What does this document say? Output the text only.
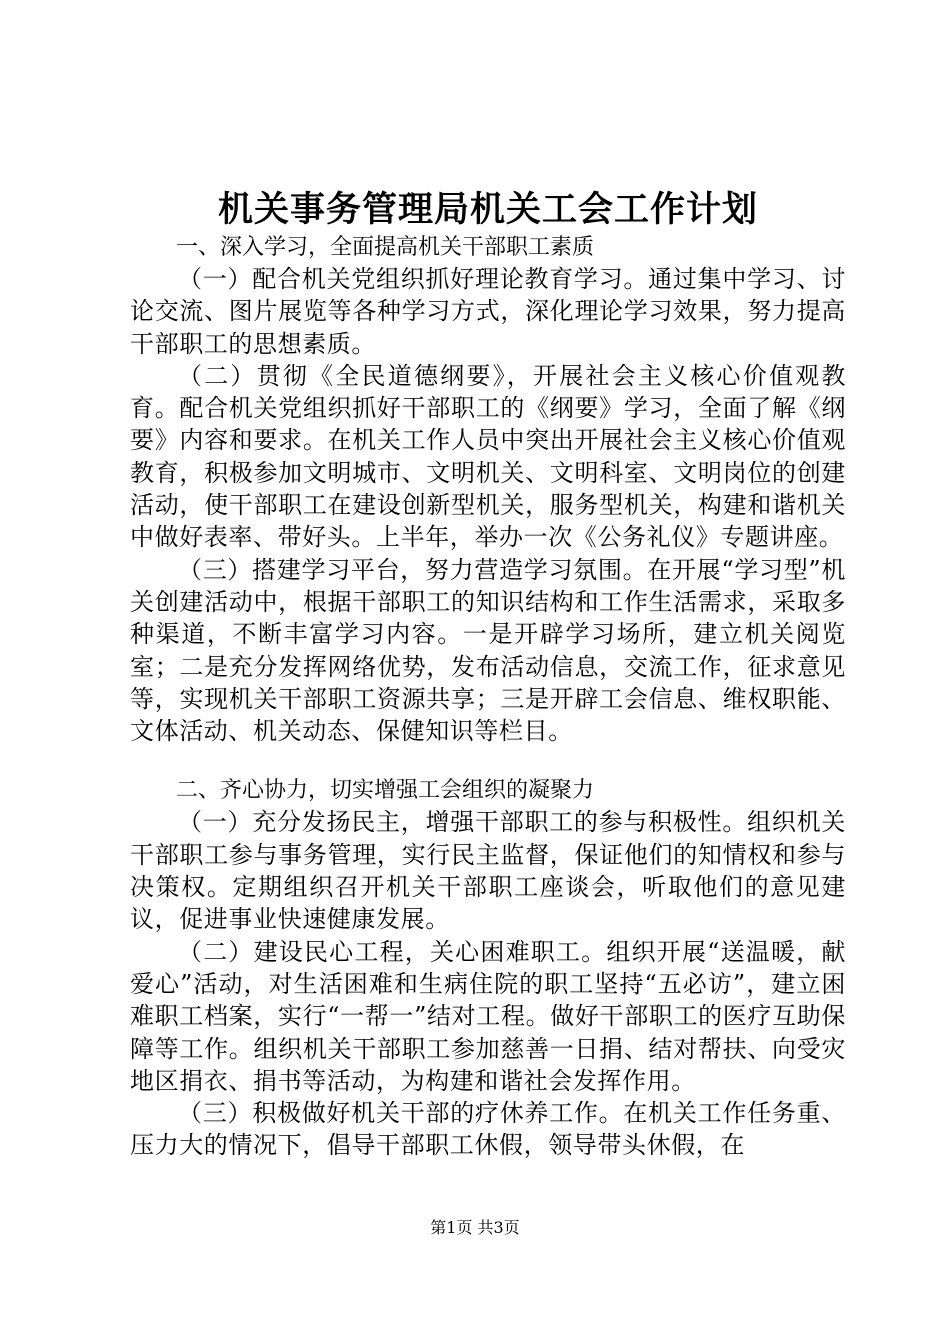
机关事务管理局机关工会工作计划

一、深入学习，全面提高机关干部职工素质

（一）配合机关党组织抓好理论教育学习。通过集中学习、讨论交流、图片展览等各种学习方式，深化理论学习效果，努力提高干部职工的思想素质。

（二）贯彻《全民道德纲要》，开展社会主义核心价值观教育。配合机关党组织抓好干部职工的《纲要》学习，全面了解《纲要》内容和要求。在机关工作人员中突出开展社会主义核心价值观教育，积极参加文明城市、文明机关、文明科室、文明岗位的创建活动，使干部职工在建设创新型机关，服务型机关，构建和谐机关中做好表率、带好头。上半年，举办一次《公务礼仪》专题讲座。

（三）搭建学习平台，努力营造学习氛围。在开展“学习型”机关创建活动中，根据干部职工的知识结构和工作生活需求，采取多种渠道，不断丰富学习内容。一是开辟学习场所，建立机关阅览室；二是充分发挥网络优势，发布活动信息，交流工作，征求意见等，实现机关干部职工资源共享；三是开辟工会信息、维权职能、文体活动、机关动态、保健知识等栏目。

二、齐心协力，切实增强工会组织的凝聚力

（一）充分发扬民主，增强干部职工的参与积极性。组织机关干部职工参与事务管理，实行民主监督，保证他们的知情权和参与决策权。定期组织召开机关干部职工座谈会，听取他们的意见建议，促进事业快速健康发展。

（二）建设民心工程，关心困难职工。组织开展“送温暖，献爱心”活动，对生活困难和生病住院的职工坚持“五必访”，建立困难职工档案，实行“一帮一”结对工程。做好干部职工的医疗互助保障等工作。组织机关干部职工参加慈善一日捐、结对帮扶、向受灾地区捐衣、捐书等活动，为构建和谐社会发挥作用。

（三）积极做好机关干部的疗休养工作。在机关工作任务重、压力大的情况下，倡导干部职工休假，领导带头休假，在

第1页 共3页
